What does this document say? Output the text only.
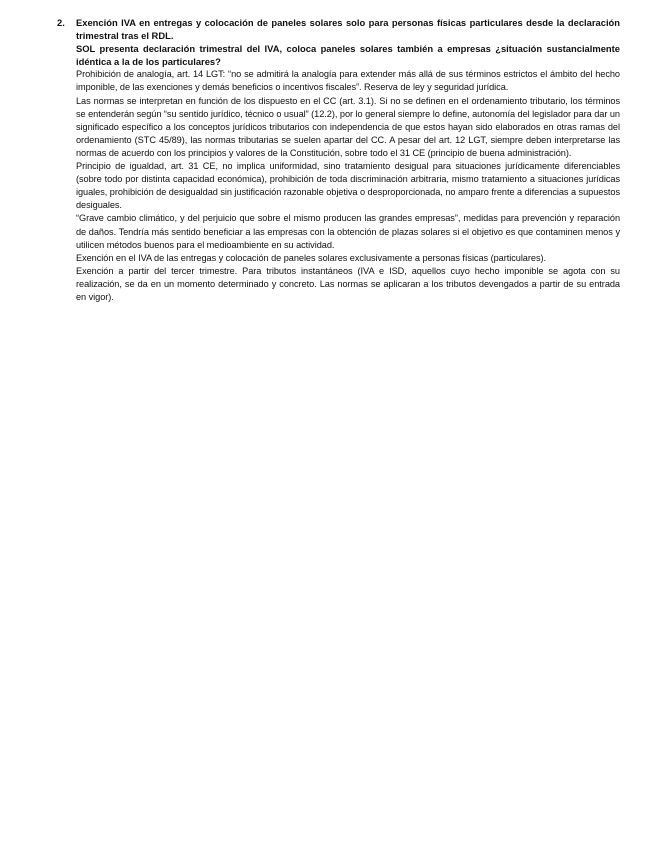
2.	Exención IVA en entregas y colocación de paneles solares solo para personas físicas particulares desde la declaración trimestral tras el RDL.

SOL presenta declaración trimestral del IVA, coloca paneles solares también a empresas ¿situación sustancialmente idéntica a la de los particulares?

Prohibición de analogía, art. 14 LGT: “no se admitirá la analogía para extender más allá de sus términos estrictos el ámbito del hecho imponible, de las exenciones y demás beneficios o incentivos fiscales”. Reserva de ley y seguridad jurídica.

Las normas se interpretan en función de los dispuesto en el CC (art. 3.1). Si no se definen en el ordenamiento tributario, los términos se entenderán según “su sentido jurídico, técnico o usual” (12.2), por lo general siempre lo define, autonomía del legislador para dar un significado específico a los conceptos jurídicos tributarios con independencia de que estos hayan sido elaborados en otras ramas del ordenamiento (STC 45/89), las normas tributarias se suelen apartar del CC. A pesar del art. 12 LGT, siempre deben interpretarse las normas de acuerdo con los principios y valores de la Constitución, sobre todo el 31 CE (principio de buena administración).

Principio de igualdad, art. 31 CE, no implica uniformidad, sino tratamiento desigual para situaciones jurídicamente diferenciables (sobre todo por distinta capacidad económica), prohibición de toda discriminación arbitraria, mismo tratamiento a situaciones jurídicas iguales, prohibición de desigualdad sin justificación razonable objetiva o desproporcionada, no amparo frente a diferencias a supuestos desiguales.

“Grave cambio climático, y del perjuicio que sobre el mismo producen las grandes empresas”, medidas para prevención y reparación de daños. Tendría más sentido beneficiar a las empresas con la obtención de plazas solares si el objetivo es que contaminen menos y utilicen métodos buenos para el medioambiente en su actividad.

Exención en el IVA de las entregas y colocación de paneles solares exclusivamente a personas físicas (particulares).

Exención a partir del tercer trimestre. Para tributos instantáneos (IVA e ISD, aquellos cuyo hecho imponible se agota con su realización, se da en un momento determinado y concreto. Las normas se aplicaran a los tributos devengados a partir de su entrada en vigor).
